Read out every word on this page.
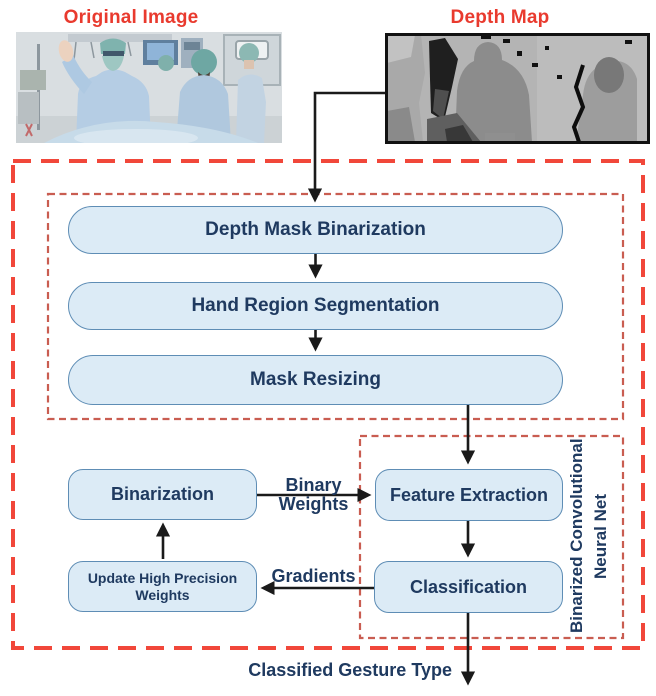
Original Image	Depth Map
Depth Mask Binarization
Hand Region Segmentation
Mask Resizing
Binarization	Feature Extraction
Update High Precision Weights	Classification
Binary
Weights
Gradients	Binarized Convolutional Neural Net
Classified Gesture Type
